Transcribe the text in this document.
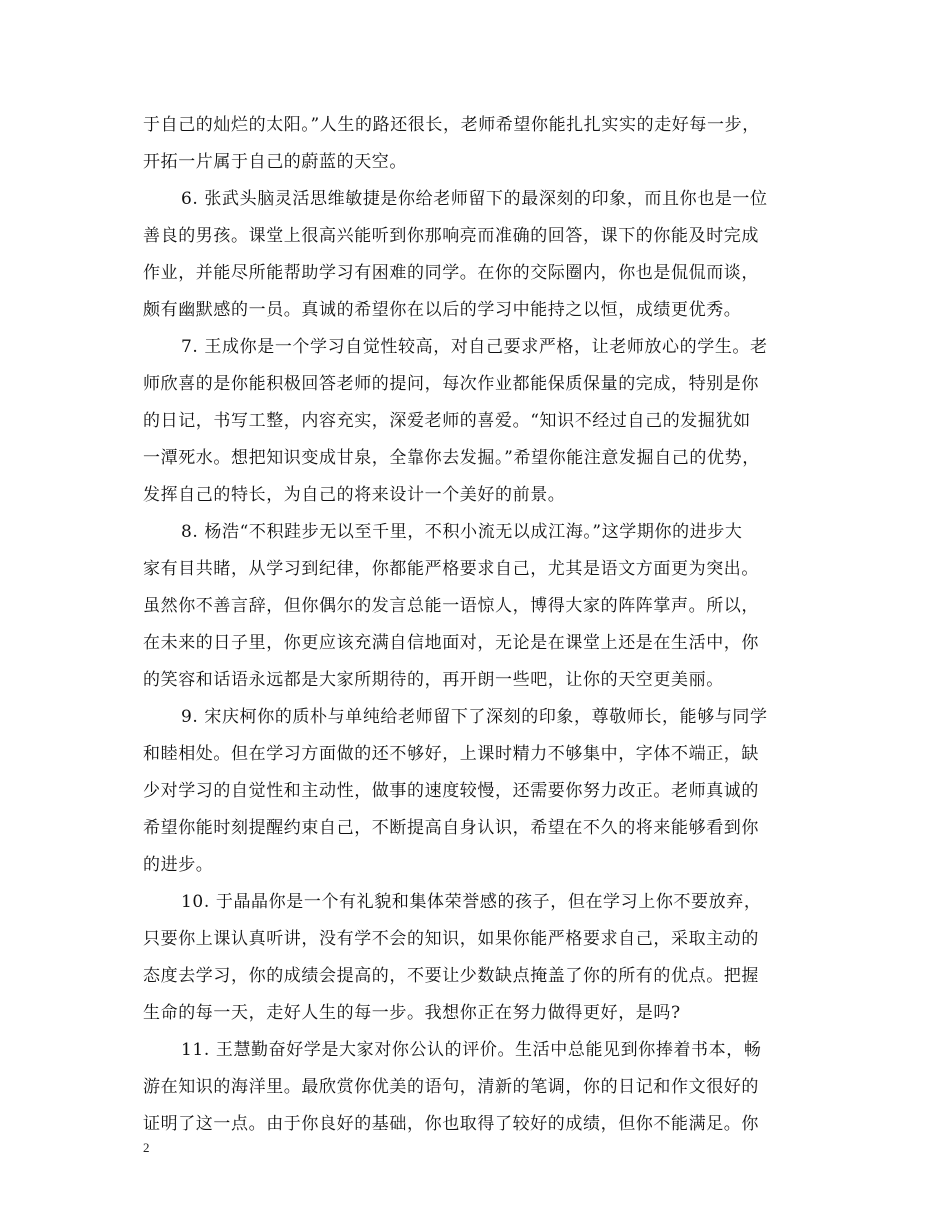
于自己的灿烂的太阳。”人生的路还很长，老师希望你能扎扎实实的走好每一步，
开拓一片属于自己的蔚蓝的天空。
6. 张武头脑灵活思维敏捷是你给老师留下的最深刻的印象，而且你也是一位
善良的男孩。课堂上很高兴能听到你那响亮而准确的回答，课下的你能及时完成
作业，并能尽所能帮助学习有困难的同学。在你的交际圈内，你也是侃侃而谈，
颇有幽默感的一员。真诚的希望你在以后的学习中能持之以恒，成绩更优秀。
7. 王成你是一个学习自觉性较高，对自己要求严格，让老师放心的学生。老
师欣喜的是你能积极回答老师的提问，每次作业都能保质保量的完成，特别是你
的日记，书写工整，内容充实，深爱老师的喜爱。“知识不经过自己的发掘犹如
一潭死水。想把知识变成甘泉，全靠你去发掘。”希望你能注意发掘自己的优势，
发挥自己的特长，为自己的将来设计一个美好的前景。
8. 杨浩“不积跬步无以至千里，不积小流无以成江海。”这学期你的进步大
家有目共睹，从学习到纪律，你都能严格要求自己，尤其是语文方面更为突出。
虽然你不善言辞，但你偶尔的发言总能一语惊人，博得大家的阵阵掌声。所以，
在未来的日子里，你更应该充满自信地面对，无论是在课堂上还是在生活中，你
的笑容和话语永远都是大家所期待的，再开朗一些吧，让你的天空更美丽。
9. 宋庆柯你的质朴与单纯给老师留下了深刻的印象，尊敬师长，能够与同学
和睦相处。但在学习方面做的还不够好，上课时精力不够集中，字体不端正，缺
少对学习的自觉性和主动性，做事的速度较慢，还需要你努力改正。老师真诚的
希望你能时刻提醒约束自己，不断提高自身认识，希望在不久的将来能够看到你
的进步。
10. 于晶晶你是一个有礼貌和集体荣誉感的孩子，但在学习上你不要放弃，
只要你上课认真听讲，没有学不会的知识，如果你能严格要求自己，采取主动的
态度去学习，你的成绩会提高的，不要让少数缺点掩盖了你的所有的优点。把握
生命的每一天，走好人生的每一步。我想你正在努力做得更好，是吗?
11. 王慧勤奋好学是大家对你公认的评价。生活中总能见到你捧着书本，畅
游在知识的海洋里。最欣赏你优美的语句，清新的笔调，你的日记和作文很好的
证明了这一点。由于你良好的基础，你也取得了较好的成绩，但你不能满足。你
2
